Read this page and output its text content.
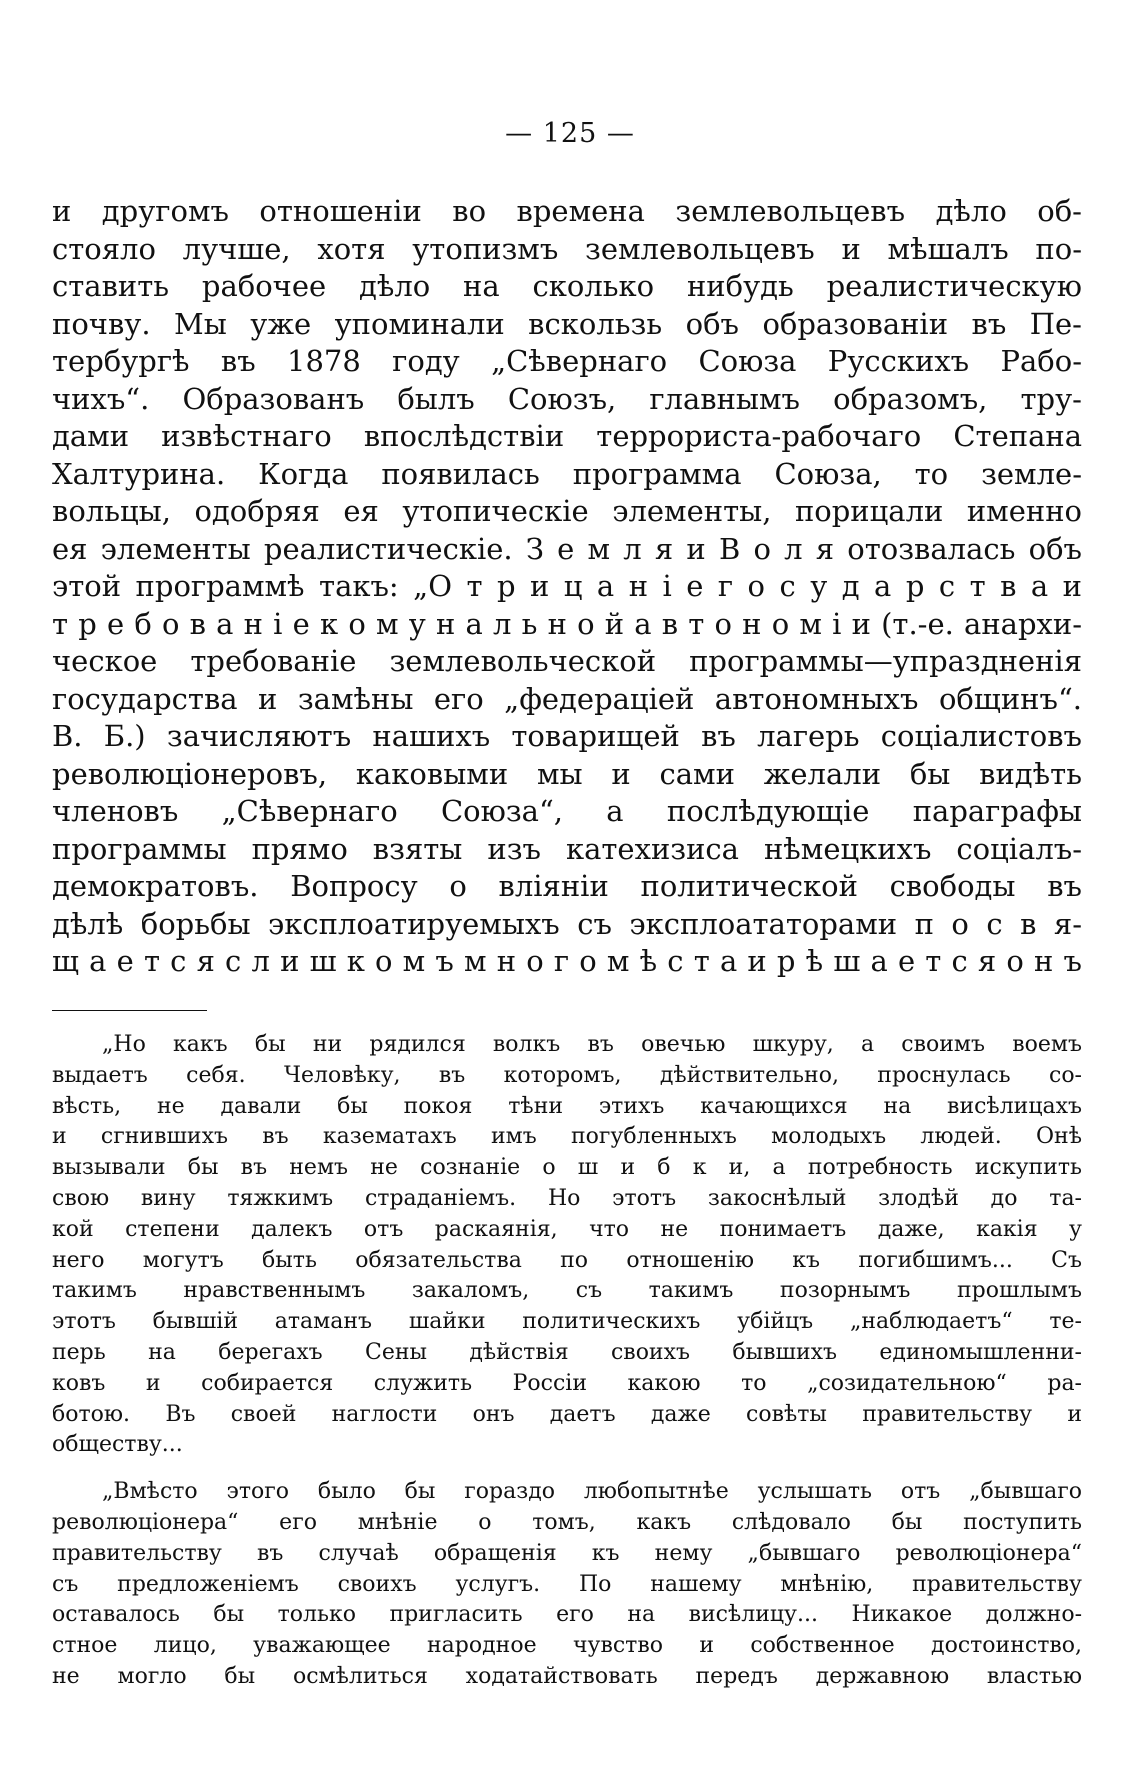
— 125 —
и другомъ отношеніи во времена землевольцевъ дѣло об-
стояло лучше, хотя утопизмъ землевольцевъ и мѣшалъ по-
ставить рабочее дѣло на сколько нибудь реалистическую
почву. Мы уже упоминали вскользь объ образованіи въ Пе-
тербургѣ въ 1878 году „Сѣвернаго Союза Русскихъ Рабо-
чихъ“. Образованъ былъ Союзъ, главнымъ образомъ, тру-
дами извѣстнаго впослѣдствіи террориста-рабочаго Степана
Халтурина. Когда появилась программа Союза, то земле-
вольцы, одобряя ея утопическіе элементы, порицали именно
ея элементы реалистическіе. З е м л я и В о л я отозвалась объ
этой программѣ такъ: „О т р и ц а н і е г о с у д а р с т в а и
т р е б о в а н і е к о м у н а л ь н о й а в т о н о м і и (т.-е. анархи-
ческое требованіе землевольческой программы—упраздненія
государства и замѣны его „федераціей автономныхъ общинъ“.
В. Б.) зачисляютъ нашихъ товарищей въ лагерь соціалистовъ
революціонеровъ, каковыми мы и сами желали бы видѣть
членовъ „Сѣвернаго Союза“, а послѣдующіе параграфы
программы прямо взяты изъ катехизиса нѣмецкихъ соціалъ-
демократовъ. Вопросу о вліяніи политической свободы въ
дѣлѣ борьбы эксплоатируемыхъ съ эксплоататорами п о с в я-
щ а е т с я с л и ш к о м ъ м н о г о м ѣ с т а и р ѣ ш а е т с я о н ъ
„Но какъ бы ни рядился волкъ въ овечью шкуру, а своимъ воемъ
выдаетъ себя. Человѣку, въ которомъ, дѣйствительно, проснулась со-
вѣсть, не давали бы покоя тѣни этихъ качающихся на висѣлицахъ
и сгнившихъ въ казематахъ имъ погубленныхъ молодыхъ людей. Онѣ
вызывали бы въ немъ не сознаніе о ш и б к и, а потребность искупить
свою вину тяжкимъ страданіемъ. Но этотъ закоснѣлый злодѣй до та-
кой степени далекъ отъ раскаянія, что не понимаетъ даже, какія у
него могутъ быть обязательства по отношенію къ погибшимъ... Съ
такимъ нравственнымъ закаломъ, съ такимъ позорнымъ прошлымъ
этотъ бывшій атаманъ шайки политическихъ убійцъ „наблюдаетъ“ те-
перь на берегахъ Сены дѣйствія своихъ бывшихъ единомышленни-
ковъ и собирается служить Россіи какою то „созидательною“ ра-
ботою. Въ своей наглости онъ даетъ даже совѣты правительству и
обществу...
„Вмѣсто этого было бы гораздо любопытнѣе услышать отъ „бывшаго
революціонера“ его мнѣніе о томъ, какъ слѣдовало бы поступить
правительству въ случаѣ обращенія къ нему „бывшаго революціонера“
съ предложеніемъ своихъ услугъ. По нашему мнѣнію, правительству
оставалось бы только пригласить его на висѣлицу... Никакое должно-
стное лицо, уважающее народное чувство и собственное достоинство,
не могло бы осмѣлиться ходатайствовать передъ державною властью
